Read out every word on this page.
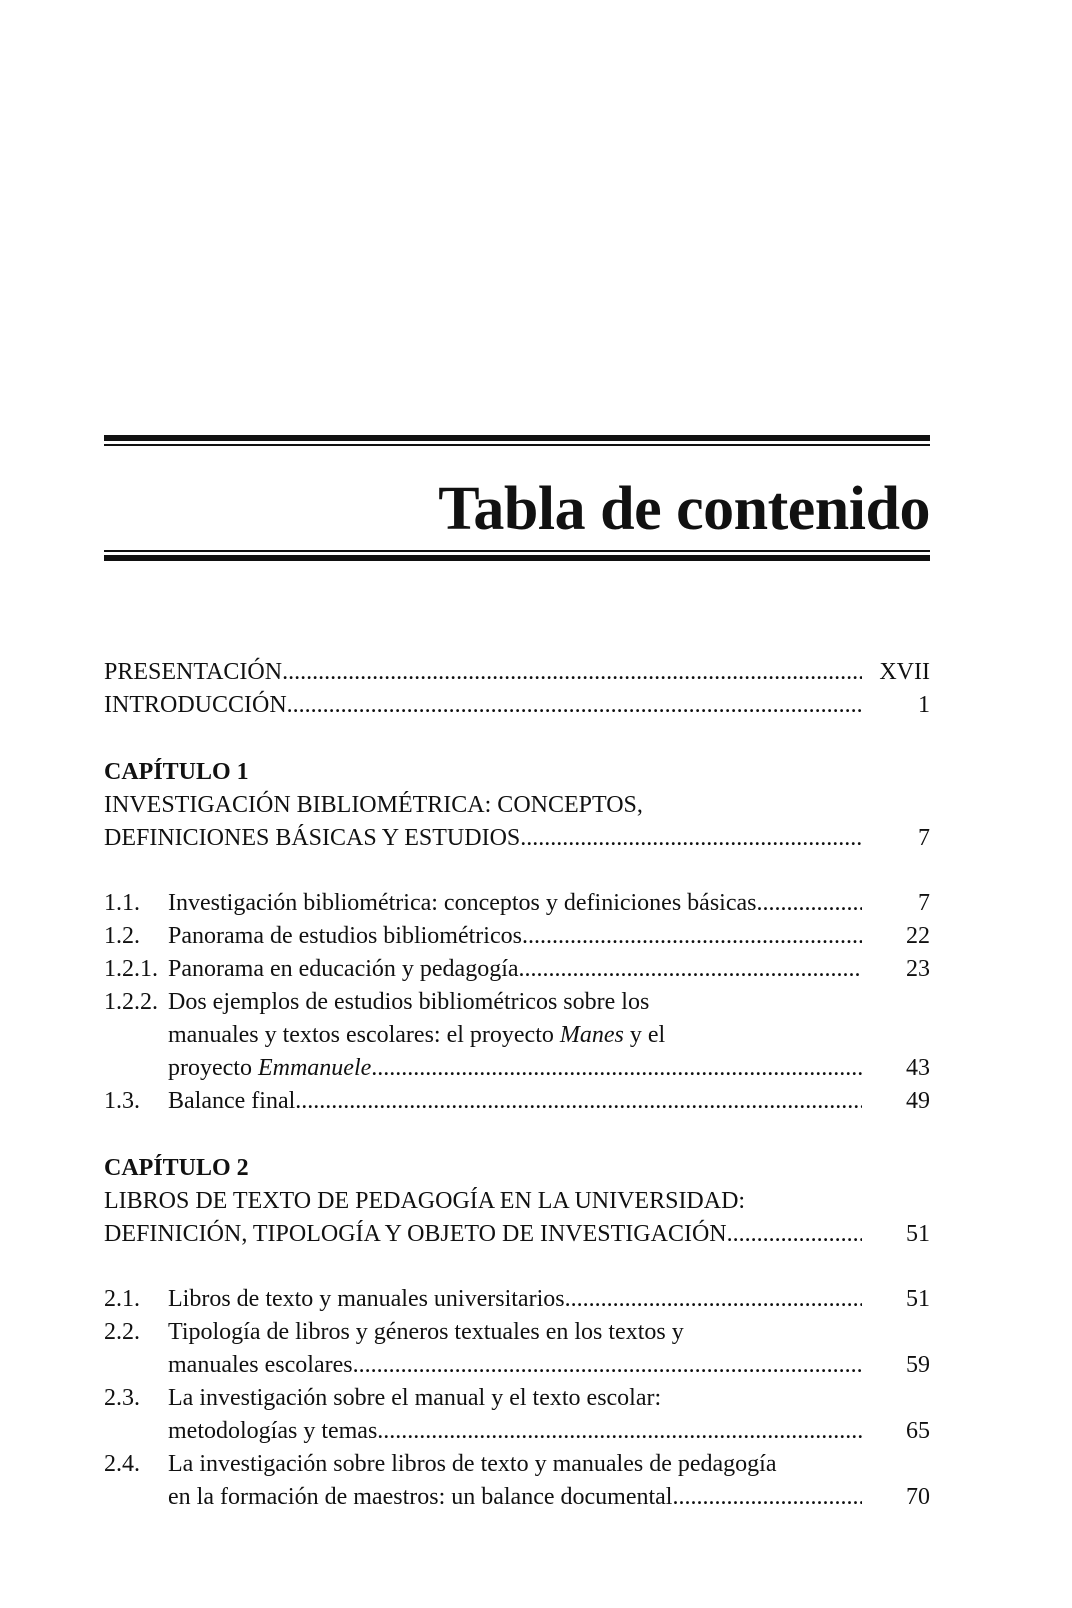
Tabla de contenido
PRESENTACIÓN .....	XVII
INTRODUCCIÓN .....	1
CAPÍTULO 1
INVESTIGACIÓN BIBLIOMÉTRICA: CONCEPTOS,
DEFINICIONES BÁSICAS Y ESTUDIOS .....	7
1.1.	Investigación bibliométrica: conceptos y definiciones básicas .....	7
1.2.	Panorama de estudios bibliométricos .....	22
1.2.1. Panorama en educación y pedagogía .....	23
1.2.2. Dos ejemplos de estudios bibliométricos sobre los
manuales y textos escolares: el proyecto Manes y el
proyecto Emmanuele .....	43
1.3.	Balance final .....	49
CAPÍTULO 2
LIBROS DE TEXTO DE PEDAGOGÍA EN LA UNIVERSIDAD:
DEFINICIÓN, TIPOLOGÍA Y OBJETO DE INVESTIGACIÓN .....	51
2.1.	Libros de texto y manuales universitarios .....	51
2.2.	Tipología de libros y géneros textuales en los textos y
manuales escolares .....	59
2.3.	La investigación sobre el manual y el texto escolar:
metodologías y temas .....	65
2.4.	La investigación sobre libros de texto y manuales de pedagogía
en la formación de maestros: un balance documental .....	70
